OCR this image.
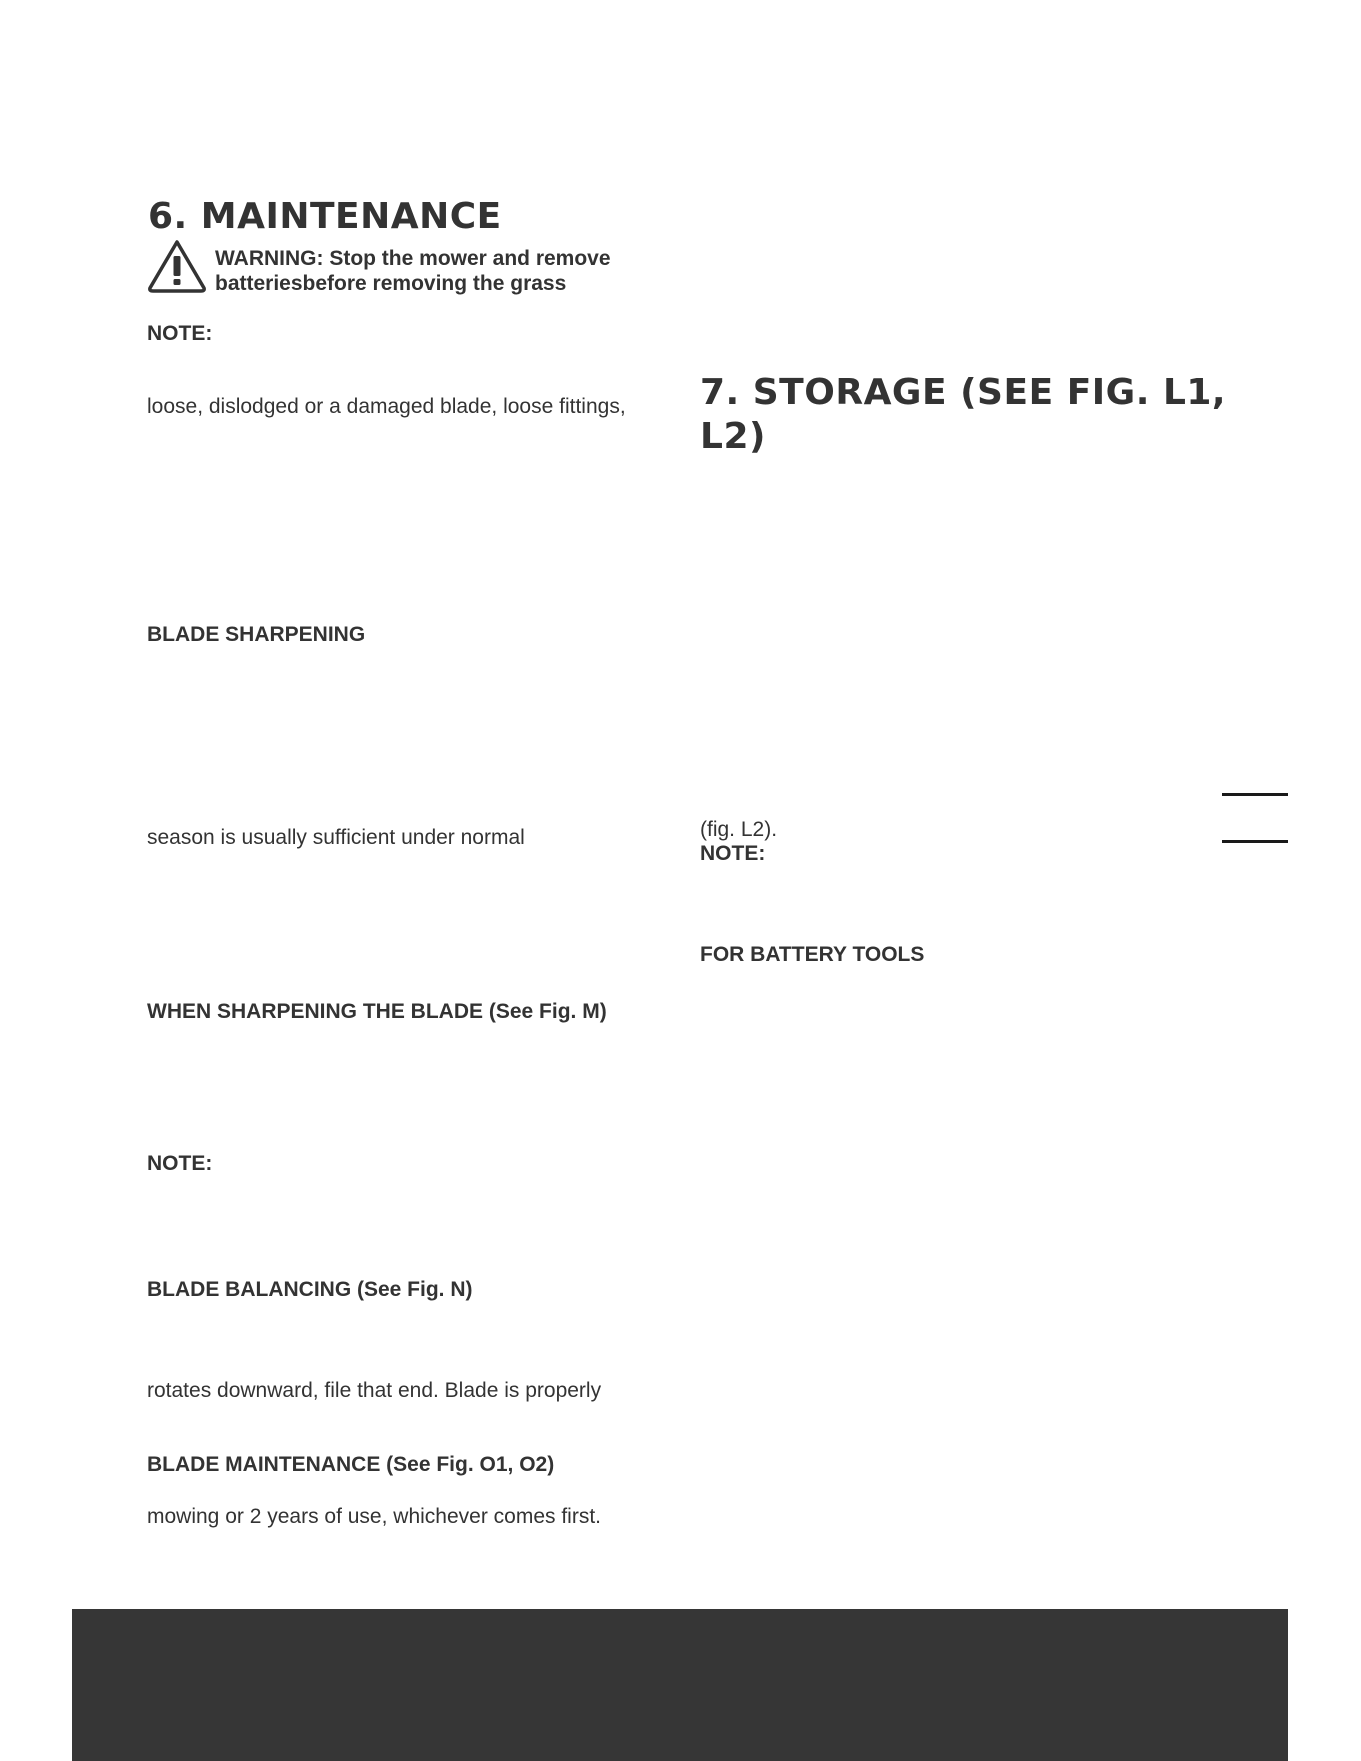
6. MAINTENANCE
WARNING: Stop the mower and remove
batteriesbefore removing the grass
NOTE:
loose, dislodged or a damaged blade, loose fittings,
BLADE SHARPENING
season is usually sufficient under normal
WHEN SHARPENING THE BLADE (See Fig. M)
NOTE:
BLADE BALANCING (See Fig. N)
rotates downward, file that end. Blade is properly
BLADE MAINTENANCE (See Fig. O1, O2)
mowing or 2 years of use, whichever comes first.
7. STORAGE (SEE FIG. L1,
L2)
(fig. L2).
NOTE:
FOR BATTERY TOOLS
